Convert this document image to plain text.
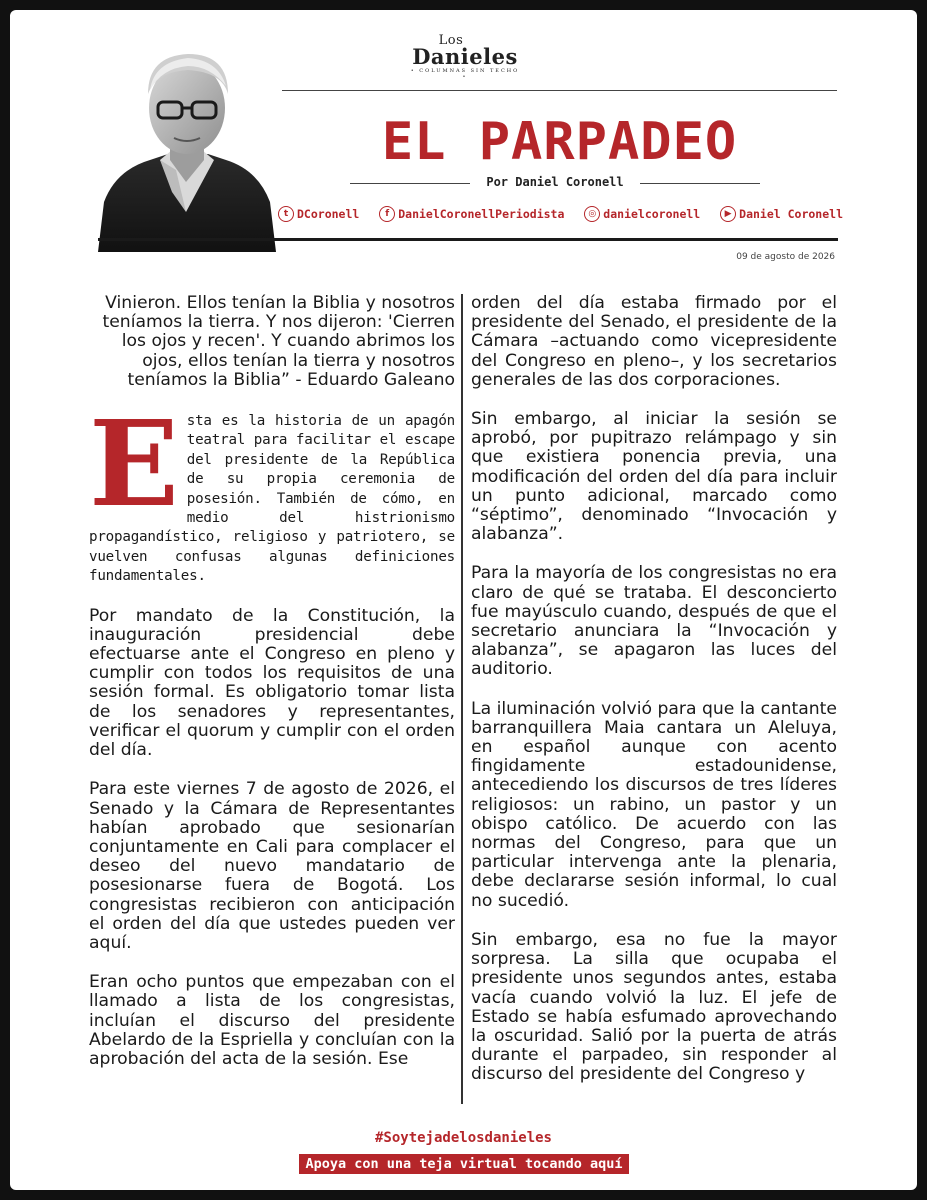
Los
Danieles
• COLUMNAS SIN TECHO •
EL PARPADEO
Por Daniel Coronell
t DCoronell	f DanielCoronellPeriodista	◎ danielcoronell	▶ Daniel Coronell
09 de agosto de 2026

Vinieron. Ellos tenían la Biblia y nosotros teníamos la tierra. Y nos dijeron: 'Cierren los ojos y recen'. Y cuando abrimos los ojos, ellos tenían la tierra y nosotros teníamos la Biblia” - Eduardo Galeano

Esta es la historia de un apagón teatral para facilitar el escape del presidente de la República de su propia ceremonia de posesión. También de cómo, en medio del histrionismo propagandístico, religioso y patriotero, se vuelven confusas algunas definiciones fundamentales.

Por mandato de la Constitución, la inauguración presidencial debe efectuarse ante el Congreso en pleno y cumplir con todos los requisitos de una sesión formal. Es obligatorio tomar lista de los senadores y representantes, verificar el quorum y cumplir con el orden del día.

Para este viernes 7 de agosto de 2026, el Senado y la Cámara de Representantes habían aprobado que sesionarían conjuntamente en Cali para complacer el deseo del nuevo mandatario de posesionarse fuera de Bogotá. Los congresistas recibieron con anticipación el orden del día que ustedes pueden ver aquí.

Eran ocho puntos que empezaban con el llamado a lista de los congresistas, incluían el discurso del presidente Abelardo de la Espriella y concluían con la aprobación del acta de la sesión. Ese

orden del día estaba firmado por el presidente del Senado, el presidente de la Cámara –actuando como vicepresidente del Congreso en pleno–, y los secretarios generales de las dos corporaciones.

Sin embargo, al iniciar la sesión se aprobó, por pupitrazo relámpago y sin que existiera ponencia previa, una modificación del orden del día para incluir un punto adicional, marcado como “séptimo”, denominado “Invocación y alabanza”.

Para la mayoría de los congresistas no era claro de qué se trataba. El desconcierto fue mayúsculo cuando, después de que el secretario anunciara la “Invocación y alabanza”, se apagaron las luces del auditorio.

La iluminación volvió para que la cantante barranquillera Maia cantara un Aleluya, en español aunque con acento fingidamente estadounidense, antecediendo los discursos de tres líderes religiosos: un rabino, un pastor y un obispo católico. De acuerdo con las normas del Congreso, para que un particular intervenga ante la plenaria, debe declararse sesión informal, lo cual no sucedió.

Sin embargo, esa no fue la mayor sorpresa. La silla que ocupaba el presidente unos segundos antes, estaba vacía cuando volvió la luz. El jefe de Estado se había esfumado aprovechando la oscuridad. Salió por la puerta de atrás durante el parpadeo, sin responder al discurso del presidente del Congreso y

#Soytejadelosdanieles
Apoya con una teja virtual tocando aquí
